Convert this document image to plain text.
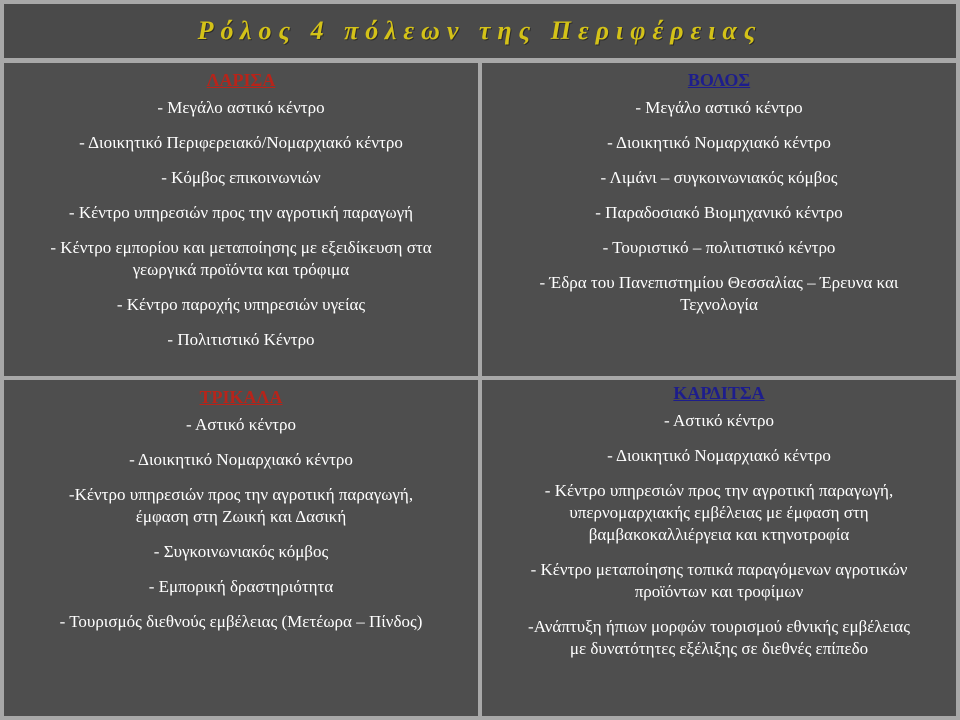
Ρόλος 4 πόλεων της Περιφέρειας
ΛΑΡΙΣΑ
- Μεγάλο αστικό κέντρο
- Διοικητικό Περιφερειακό/Νομαρχιακό κέντρο
- Κόμβος επικοινωνιών
- Κέντρο υπηρεσιών προς την αγροτική παραγωγή
- Κέντρο εμπορίου και μεταποίησης με εξειδίκευση στα
γεωργικά προϊόντα και τρόφιμα
- Κέντρο παροχής υπηρεσιών υγείας
- Πολιτιστικό Κέντρο
ΒΟΛΟΣ
- Μεγάλο αστικό κέντρο
- Διοικητικό Νομαρχιακό κέντρο
- Λιμάνι – συγκοινωνιακός κόμβος
- Παραδοσιακό Βιομηχανικό κέντρο
- Τουριστικό – πολιτιστικό κέντρο
- Έδρα του Πανεπιστημίου Θεσσαλίας – Έρευνα και
Τεχνολογία
ΤΡΙΚΑΛΑ
- Αστικό κέντρο
- Διοικητικό Νομαρχιακό κέντρο
-Κέντρο υπηρεσιών προς την αγροτική παραγωγή,
έμφαση στη Ζωική και Δασική
- Συγκοινωνιακός κόμβος
- Εμπορική δραστηριότητα
- Τουρισμός διεθνούς εμβέλειας (Μετέωρα – Πίνδος)
ΚΑΡΔΙΤΣΑ
- Αστικό κέντρο
- Διοικητικό Νομαρχιακό κέντρο
- Κέντρο υπηρεσιών προς την αγροτική παραγωγή,
υπερνομαρχιακής εμβέλειας με έμφαση στη
βαμβακοκαλλιέργεια και κτηνοτροφία
- Κέντρο μεταποίησης τοπικά παραγόμενων αγροτικών
προϊόντων και τροφίμων
-Ανάπτυξη ήπιων μορφών τουρισμού εθνικής εμβέλειας
με δυνατότητες εξέλιξης σε διεθνές επίπεδο
